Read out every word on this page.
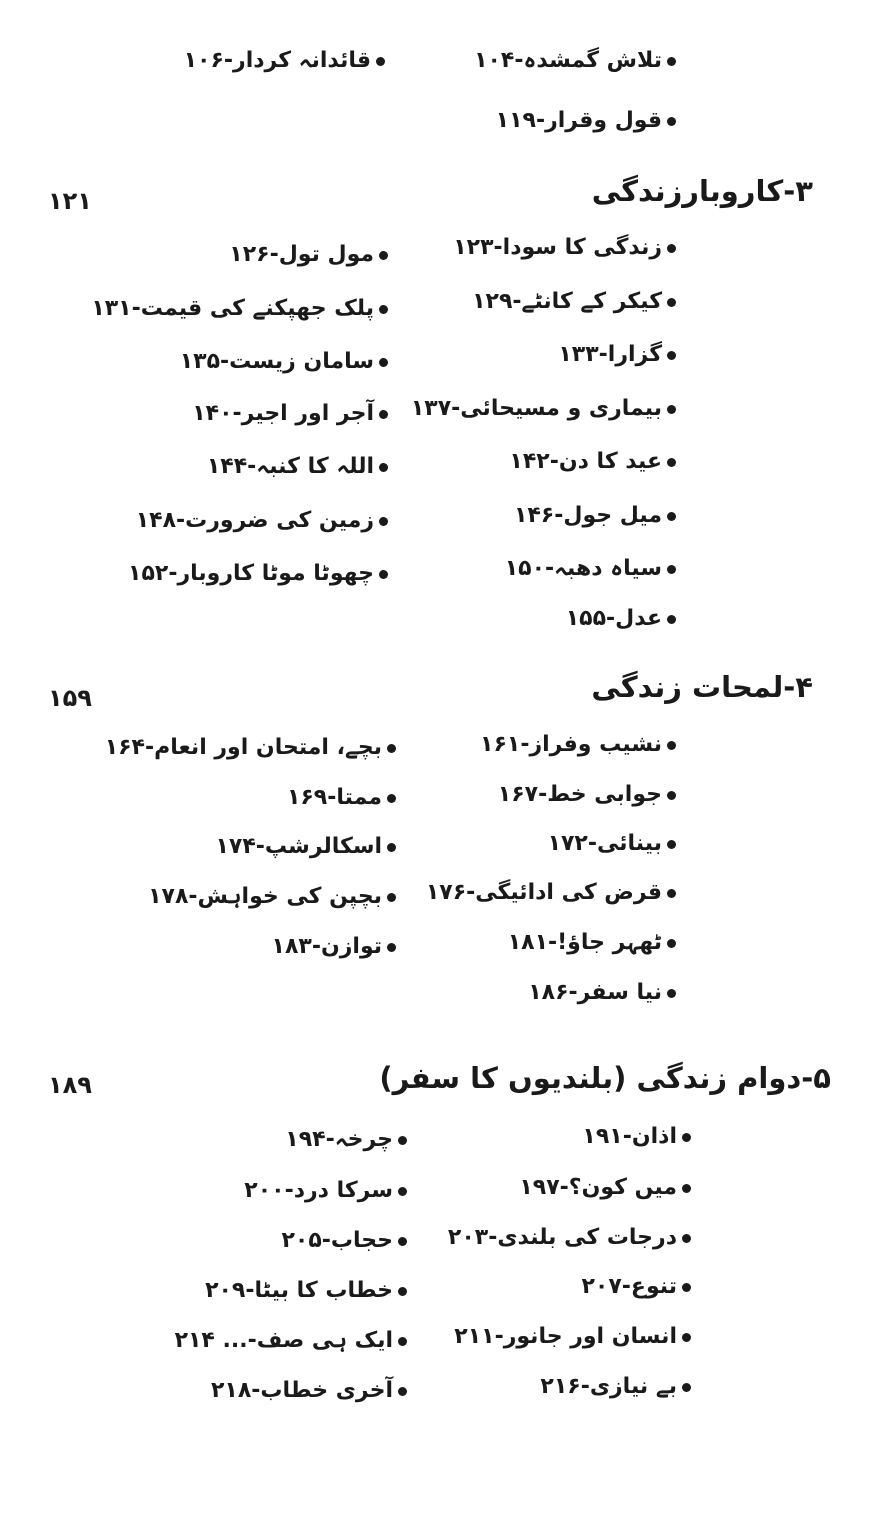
تلاش گمشدہ-۱۰۴
قول وقرار-۱۱۹
قائدانہ کردار-۱۰۶
۳-کاروبارزندگی
۱۲۱
زندگی کا سودا-۱۲۳
کیکر کے کانٹے-۱۲۹
گزارا-۱۳۳
بیماری و مسیحائی-۱۳۷
عید کا دن-۱۴۲
میل جول-۱۴۶
سیاہ دھبہ-۱۵۰
عدل-۱۵۵
مول تول-۱۲۶
پلک جھپکنے کی قیمت-۱۳۱
سامان زیست-۱۳۵
آجر اور اجیر-۱۴۰
اللہ کا کنبہ-۱۴۴
زمین کی ضرورت-۱۴۸
چھوٹا موٹا کاروبار-۱۵۲
۴-لمحات زندگی
۱۵۹
نشیب وفراز-۱۶۱
جوابی خط-۱۶۷
بینائی-۱۷۲
قرض کی ادائیگی-۱۷۶
ٹھہر جاؤ!-۱۸۱
نیا سفر-۱۸۶
بچے، امتحان اور انعام-۱۶۴
ممتا-۱۶۹
اسکالرشپ-۱۷۴
بچپن کی خواہش-۱۷۸
توازن-۱۸۳
۵-دوام زندگی (بلندیوں کا سفر)
۱۸۹
اذان-۱۹۱
میں کون؟-۱۹۷
درجات کی بلندی-۲۰۳
تنوع-۲۰۷
انسان اور جانور-۲۱۱
بے نیازی-۲۱۶
چرخہ-۱۹۴
سرکا درد-۲۰۰
حجاب-۲۰۵
خطاب کا بیٹا-۲۰۹
ایک ہی صف-... ۲۱۴
آخری خطاب-۲۱۸
